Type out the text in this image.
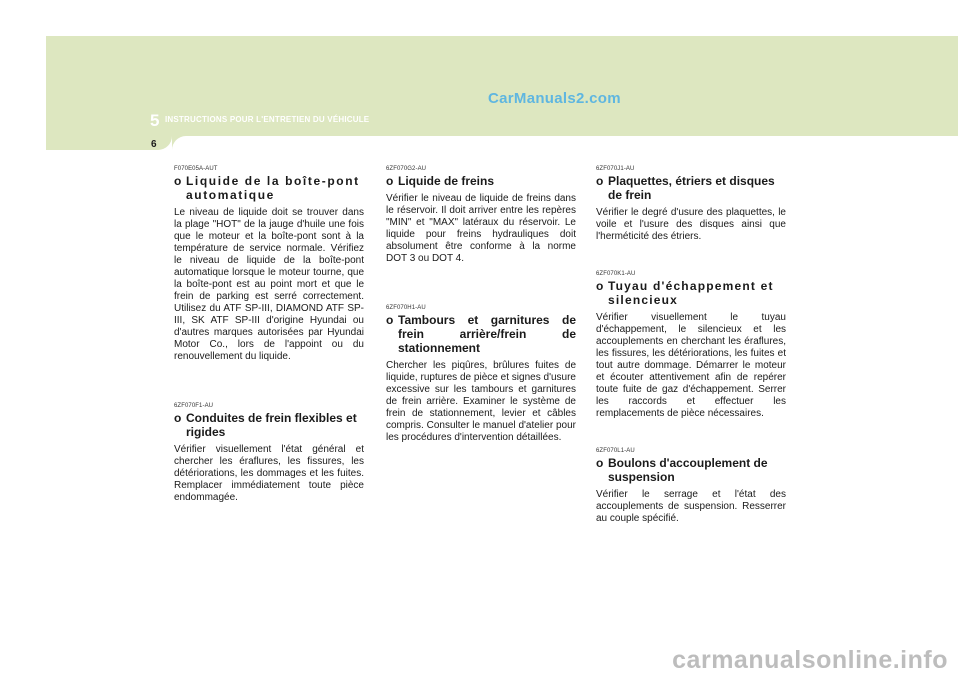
5 INSTRUCTIONS POUR L'ENTRETIEN DU VÉHICULE
6
CarManuals2.com
F070E05A-AUT
o Liquide de la boîte-pont automatique
Le niveau de liquide doit se trouver dans la plage "HOT" de la jauge d'huile une fois que le moteur et la boîte-pont sont à la température de service normale. Vérifiez le niveau de liquide de la boîte-pont automatique lorsque le moteur tourne, que la boîte-pont est au point mort et que le frein de parking est serré correctement. Utilisez du ATF SP-III, DIAMOND ATF SP-III, SK ATF SP-III d'origine Hyundai ou d'autres marques autorisées par Hyundai Motor Co., lors de l'appoint ou du renouvellement du liquide.
6ZF070F1-AU
o Conduites de frein flexibles et rigides
Vérifier visuellement l'état général et chercher les éraflures, les fissures, les détériorations, les dommages et les fuites. Remplacer immédiatement toute pièce endommagée.
6ZF070G2-AU
o Liquide de freins
Vérifier le niveau de liquide de freins dans le réservoir. Il doit arriver entre les repères "MIN" et "MAX" latéraux du réservoir. Le liquide pour freins hydrauliques doit absolument être conforme à la norme DOT 3 ou DOT 4.
6ZF070H1-AU
o Tambours et garnitures de frein arrière/frein de stationnement
Chercher les piqûres, brûlures fuites de liquide, ruptures de pièce et signes d'usure excessive sur les tambours et garnitures de frein arrière. Examiner le système de frein de stationnement, levier et câbles compris. Consulter le manuel d'atelier pour les procédures d'intervention détaillées.
6ZF070J1-AU
o Plaquettes, étriers et disques de frein
Vérifier le degré d'usure des plaquettes, le voile et l'usure des disques ainsi que l'herméticité des étriers.
6ZF070K1-AU
o Tuyau d'échappement et silencieux
Vérifier visuellement le tuyau d'échappement, le silencieux et les accouplements en cherchant les éraflures, les fissures, les détériorations, les fuites et tout autre dommage. Démarrer le moteur et écouter attentivement afin de repérer toute fuite de gaz d'échappement. Serrer les raccords et effectuer les remplacements de pièce nécessaires.
6ZF070L1-AU
o Boulons d'accouplement de suspension
Vérifier le serrage et l'état des accouplements de suspension. Resserrer au couple spécifié.
carmanualsonline.info
